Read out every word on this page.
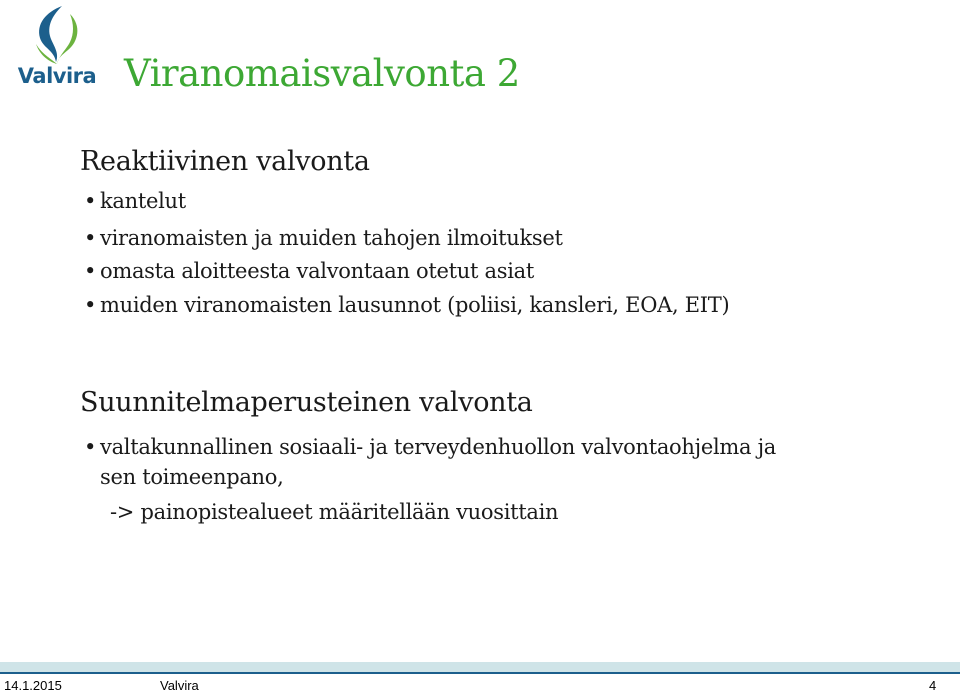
Valvira Viranomaisvalvonta 2
Reaktiivinen valvonta
• kantelut
• viranomaisten ja muiden tahojen ilmoitukset
• omasta aloitteesta valvontaan otetut asiat
• muiden viranomaisten lausunnot (poliisi, kansleri, EOA, EIT)
Suunnitelmaperusteinen valvonta
• valtakunnallinen sosiaali- ja terveydenhuollon valvontaohjelma ja
sen toimeenpano,
-> painopistealueet määritellään vuosittain
14.1.2015	Valvira	4
